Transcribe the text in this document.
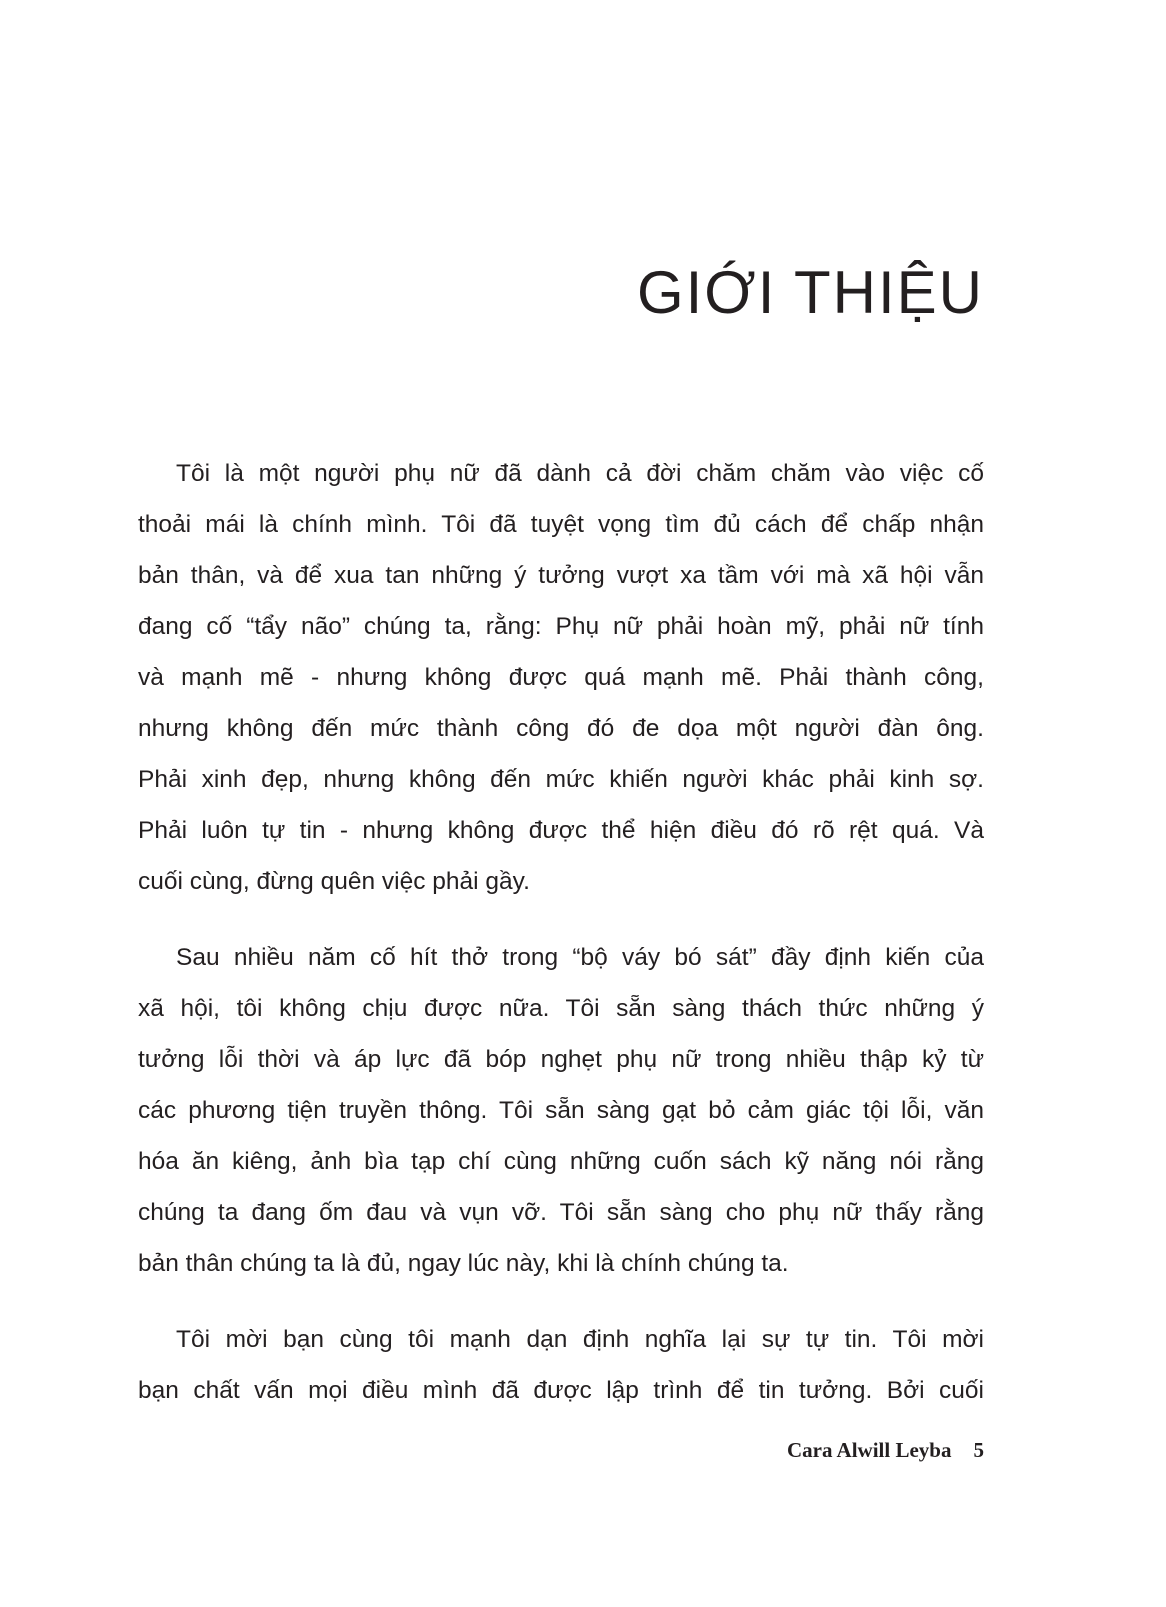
GIỚI THIỆU
Tôi là một người phụ nữ đã dành cả đời chăm chăm vào việc cố
thoải mái là chính mình. Tôi đã tuyệt vọng tìm đủ cách để chấp nhận
bản thân, và để xua tan những ý tưởng vượt xa tầm với mà xã hội vẫn
đang cố “tẩy não” chúng ta, rằng: Phụ nữ phải hoàn mỹ, phải nữ tính
và mạnh mẽ - nhưng không được quá mạnh mẽ. Phải thành công,
nhưng không đến mức thành công đó đe dọa một người đàn ông.
Phải xinh đẹp, nhưng không đến mức khiến người khác phải kinh sợ.
Phải luôn tự tin - nhưng không được thể hiện điều đó rõ rệt quá. Và
cuối cùng, đừng quên việc phải gầy.
Sau nhiều năm cố hít thở trong “bộ váy bó sát” đầy định kiến của
xã hội, tôi không chịu được nữa. Tôi sẵn sàng thách thức những ý
tưởng lỗi thời và áp lực đã bóp nghẹt phụ nữ trong nhiều thập kỷ từ
các phương tiện truyền thông. Tôi sẵn sàng gạt bỏ cảm giác tội lỗi, văn
hóa ăn kiêng, ảnh bìa tạp chí cùng những cuốn sách kỹ năng nói rằng
chúng ta đang ốm đau và vụn vỡ. Tôi sẵn sàng cho phụ nữ thấy rằng
bản thân chúng ta là đủ, ngay lúc này, khi là chính chúng ta.
Tôi mời bạn cùng tôi mạnh dạn định nghĩa lại sự tự tin. Tôi mời
bạn chất vấn mọi điều mình đã được lập trình để tin tưởng. Bởi cuối
Cara Alwill Leyba 5
